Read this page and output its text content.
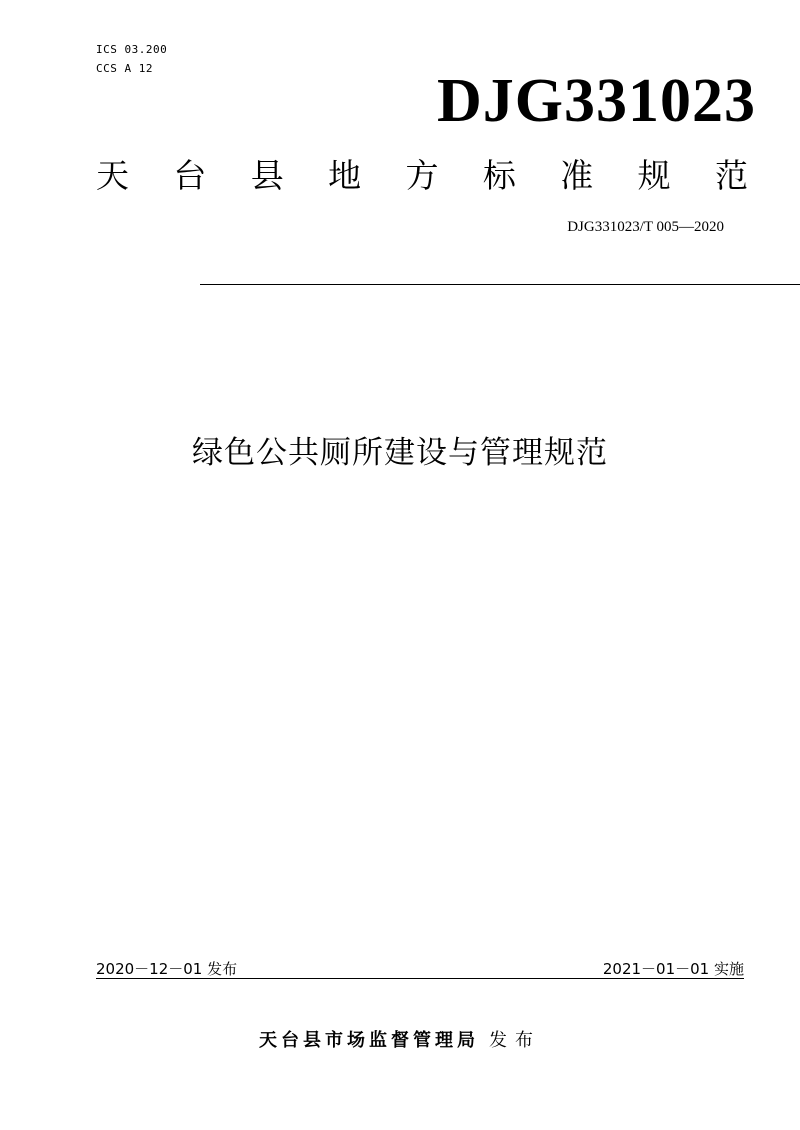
ICS 03.200
CCS A 12	DJG331023
天 台 县 地 方 标 准 规 范
DJG331023/T 005—2020
绿色公共厕所建设与管理规范
2020－12－01 发布	2021－01－01 实施
天台县市场监督管理局 发布
